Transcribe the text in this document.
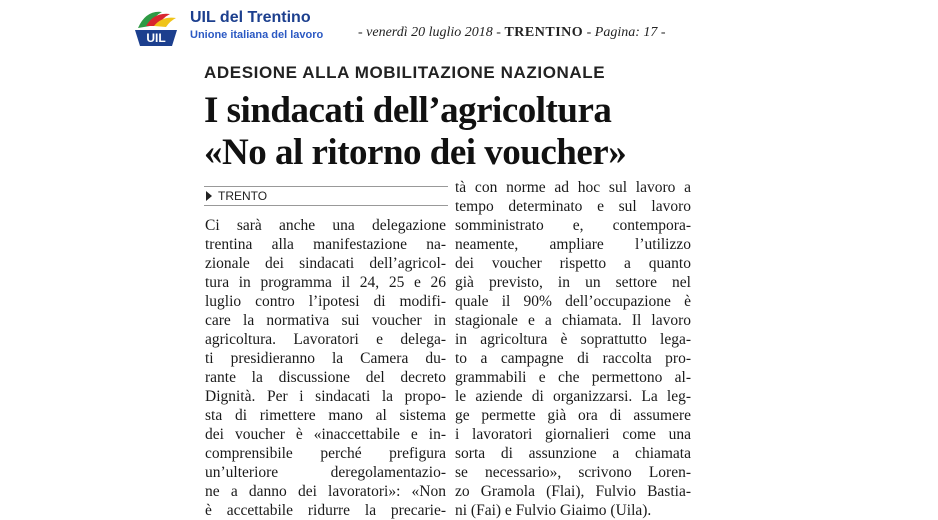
UIL
UIL del Trentino
Unione italiana del lavoro - venerdì 20 luglio 2018 - TRENTINO - Pagina: 17 -
ADESIONE ALLA MOBILITAZIONE NAZIONALE
I sindacati dell’agricoltura
«No al ritorno dei voucher»
TRENTO
Ci sarà anche una delegazione
trentina alla manifestazione na-
zionale dei sindacati dell’agricol-
tura in programma il 24, 25 e 26
luglio contro l’ipotesi di modifi-
care la normativa sui voucher in
agricoltura. Lavoratori e delega-
ti presidieranno la Camera du-
rante la discussione del decreto
Dignità. Per i sindacati la propo-
sta di rimettere mano al sistema
dei voucher è «inaccettabile e in-
comprensibile perché prefigura
un’ulteriore deregolamentazio-
ne a danno dei lavoratori»: «Non
è accettabile ridurre la precarie-
tà con norme ad hoc sul lavoro a
tempo determinato e sul lavoro
somministrato e, contempora-
neamente, ampliare l’utilizzo
dei voucher rispetto a quanto
già previsto, in un settore nel
quale il 90% dell’occupazione è
stagionale e a chiamata. Il lavoro
in agricoltura è soprattutto lega-
to a campagne di raccolta pro-
grammabili e che permettono al-
le aziende di organizzarsi. La leg-
ge permette già ora di assumere
i lavoratori giornalieri come una
sorta di assunzione a chiamata
se necessario», scrivono Loren-
zo Gramola (Flai), Fulvio Bastia-
ni (Fai) e Fulvio Giaimo (Uila).
